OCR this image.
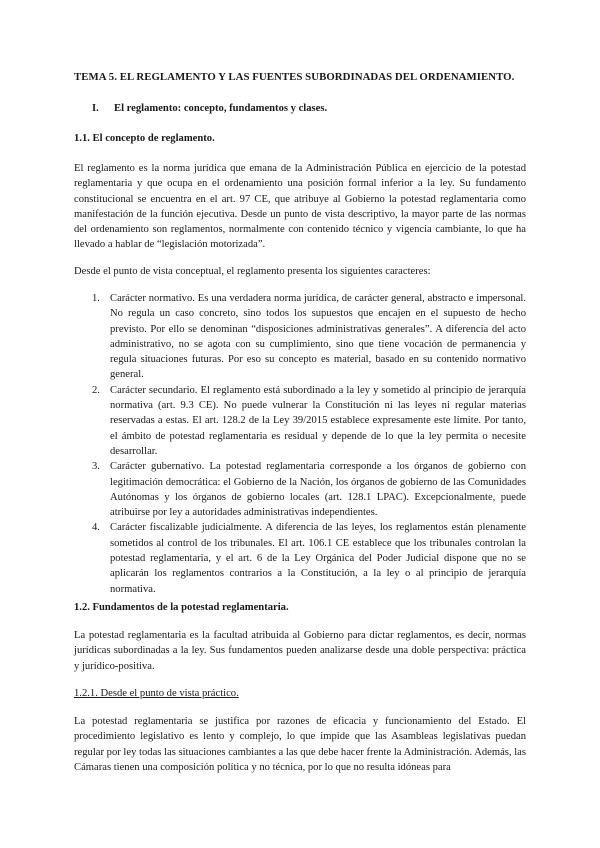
TEMA 5. EL REGLAMENTO Y LAS FUENTES SUBORDINADAS DEL ORDENAMIENTO.
I. El reglamento: concepto, fundamentos y clases.
1.1. El concepto de reglamento.

El reglamento es la norma jurídica que emana de la Administración Pública en ejercicio de la potestad reglamentaria y que ocupa en el ordenamiento una posición formal inferior a la ley. Su fundamento constitucional se encuentra en el art. 97 CE, que atribuye al Gobierno la potestad reglamentaria como manifestación de la función ejecutiva. Desde un punto de vista descriptivo, la mayor parte de las normas del ordenamiento son reglamentos, normalmente con contenido técnico y vigencia cambiante, lo que ha llevado a hablar de “legislación motorizada”.

Desde el punto de vista conceptual, el reglamento presenta los siguientes caracteres:

1. Carácter normativo. Es una verdadera norma jurídica, de carácter general, abstracto e impersonal. No regula un caso concreto, sino todos los supuestos que encajen en el supuesto de hecho previsto. Por ello se denominan “disposiciones administrativas generales”. A diferencia del acto administrativo, no se agota con su cumplimiento, sino que tiene vocación de permanencia y regula situaciones futuras. Por eso su concepto es material, basado en su contenido normativo general.
2. Carácter secundario. El reglamento está subordinado a la ley y sometido al principio de jerarquía normativa (art. 9.3 CE). No puede vulnerar la Constitución ni las leyes ni regular materias reservadas a estas. El art. 128.2 de la Ley 39/2015 establece expresamente este límite. Por tanto, el ámbito de potestad reglamentaria es residual y depende de lo que la ley permita o necesite desarrollar.
3. Carácter gubernativo. La potestad reglamentaria corresponde a los órganos de gobierno con legitimación democrática: el Gobierno de la Nación, los órganos de gobierno de las Comunidades Autónomas y los órganos de gobierno locales (art. 128.1 LPAC). Excepcionalmente, puede atribuirse por ley a autoridades administrativas independientes.
4. Carácter fiscalizable judicialmente. A diferencia de las leyes, los reglamentos están plenamente sometidos al control de los tribunales. El art. 106.1 CE establece que los tribunales controlan la potestad reglamentaria, y el art. 6 de la Ley Orgánica del Poder Judicial dispone que no se aplicarán los reglamentos contrarios a la Constitución, a la ley o al principio de jerarquía normativa.
1.2. Fundamentos de la potestad reglamentaria.

La potestad reglamentaria es la facultad atribuida al Gobierno para dictar reglamentos, es decir, normas jurídicas subordinadas a la ley. Sus fundamentos pueden analizarse desde una doble perspectiva: práctica y jurídico-positiva.

1.2.1. Desde el punto de vista práctico.

La potestad reglamentaria se justifica por razones de eficacia y funcionamiento del Estado. El procedimiento legislativo es lento y complejo, lo que impide que las Asambleas legislativas puedan regular por ley todas las situaciones cambiantes a las que debe hacer frente la Administración. Además, las Cámaras tienen una composición política y no técnica, por lo que no resulta idóneas para
